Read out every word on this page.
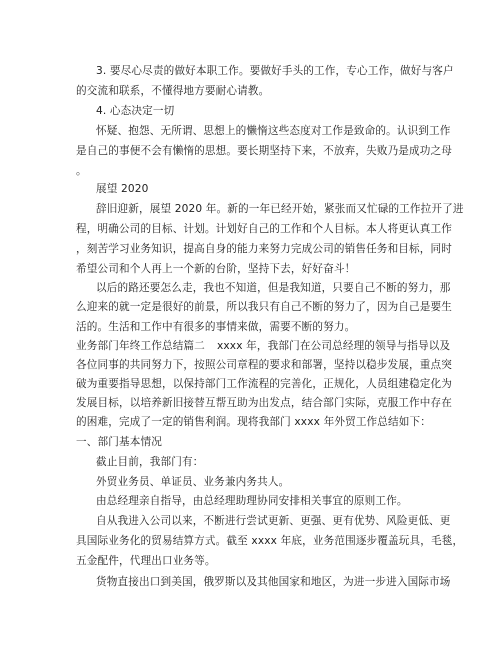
3. 要尽心尽责的做好本职工作。要做好手头的工作，专心工作，做好与客户
的交流和联系，不懂得地方要耐心请教。
4. 心态决定一切
怀疑、抱怨、无所谓、思想上的懒惰这些态度对工作是致命的。认识到工作
是自己的事便不会有懒惰的思想。要长期坚持下来，不放弃，失败乃是成功之母
。
展望 2020
辞旧迎新，展望 2020 年。新的一年已经开始，紧张而又忙碌的工作拉开了进
程，明确公司的目标、计划。计划好自己的工作和个人目标。本人将更认真工作
，刻苦学习业务知识，提高自身的能力来努力完成公司的销售任务和目标，同时
希望公司和个人再上一个新的台阶，坚持下去，好好奋斗！
以后的路还要怎么走，我也不知道，但是我知道，只要自己不断的努力，那
么迎来的就一定是很好的前景，所以我只有自己不断的努力了，因为自己是要生
活的。生活和工作中有很多的事情来做，需要不断的努力。
业务部门年终工作总结篇二 xxxx 年，我部门在公司总经理的领导与指导以及
各位同事的共同努力下，按照公司章程的要求和部署，坚持以稳步发展，重点突
破为重要指导思想，以保持部门工作流程的完善化，正规化，人员组建稳定化为
发展目标，以培养新旧接替互帮互助为出发点，结合部门实际，克服工作中存在
的困难，完成了一定的销售利润。现将我部门 xxxx 年外贸工作总结如下：
一、部门基本情况
截止目前，我部门有：
外贸业务员、单证员、业务兼内务共人。
由总经理亲自指导，由总经理助理协同安排相关事宜的原则工作。
自从我进入公司以来，不断进行尝试更新、更强、更有优势、风险更低、更
具国际业务化的贸易结算方式。截至 xxxx 年底，业务范围逐步覆盖玩具，毛毯，
五金配件，代理出口业务等。
货物直接出口到美国，俄罗斯以及其他国家和地区，为进一步进入国际市场
